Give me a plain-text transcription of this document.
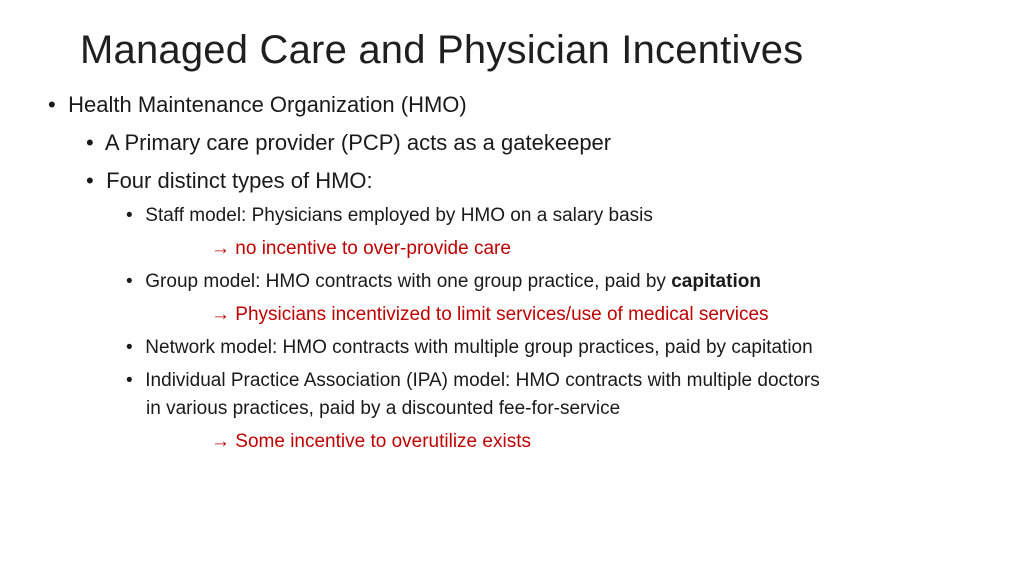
Managed Care and Physician Incentives
• Health Maintenance Organization (HMO)
• A Primary care provider (PCP) acts as a gatekeeper
• Four distinct types of HMO:
• Staff model: Physicians employed by HMO on a salary basis
→ no incentive to over-provide care
• Group model: HMO contracts with one group practice, paid by capitation
→ Physicians incentivized to limit services/use of medical services
• Network model: HMO contracts with multiple group practices, paid by capitation
• Individual Practice Association (IPA) model: HMO contracts with multiple doctors
in various practices, paid by a discounted fee-for-service
→ Some incentive to overutilize exists
